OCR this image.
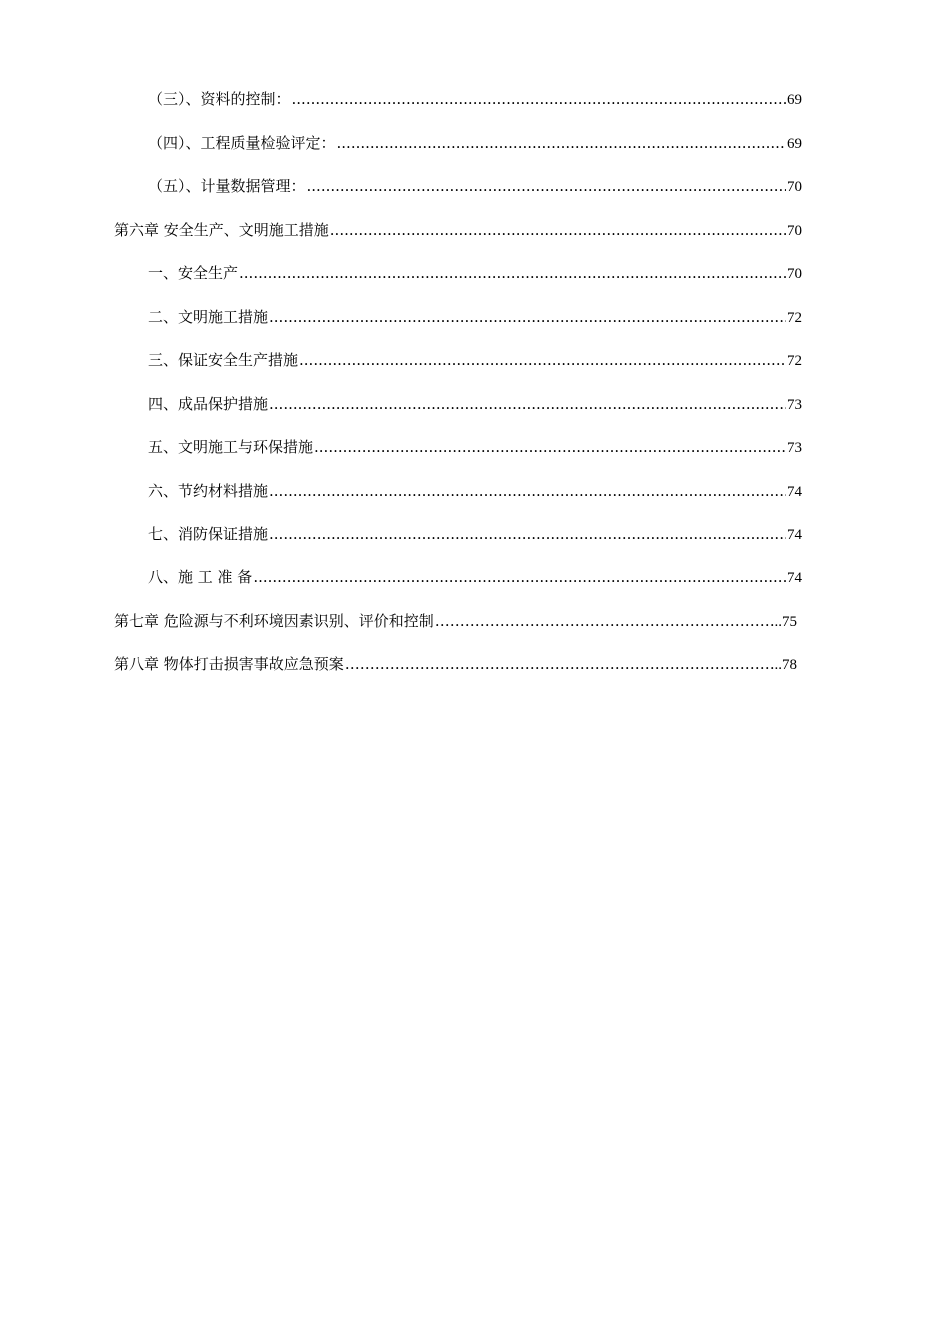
（三）、资料的控制： .....	69
（四）、工程质量检验评定： .....	69
（五）、计量数据管理： .....	70
第六章 安全生产、文明施工措施 .....	70
一、安全生产 .....	70
二、文明施工措施 .....	72
三、保证安全生产措施 .....	72
四、成品保护措施 .....	73
五、文明施工与环保措施 .....	73
六、节约材料措施 .....	74
七、消防保证措施 .....	74
八、施 工 准 备 .....	74
第七章 危险源与不利环境因素识别、评价和控制 ………………………………………………………………………………………………………………………………	..75
第八章 物体打击损害事故应急预案 ………………………………………………………………………………………………………………………………	..78
